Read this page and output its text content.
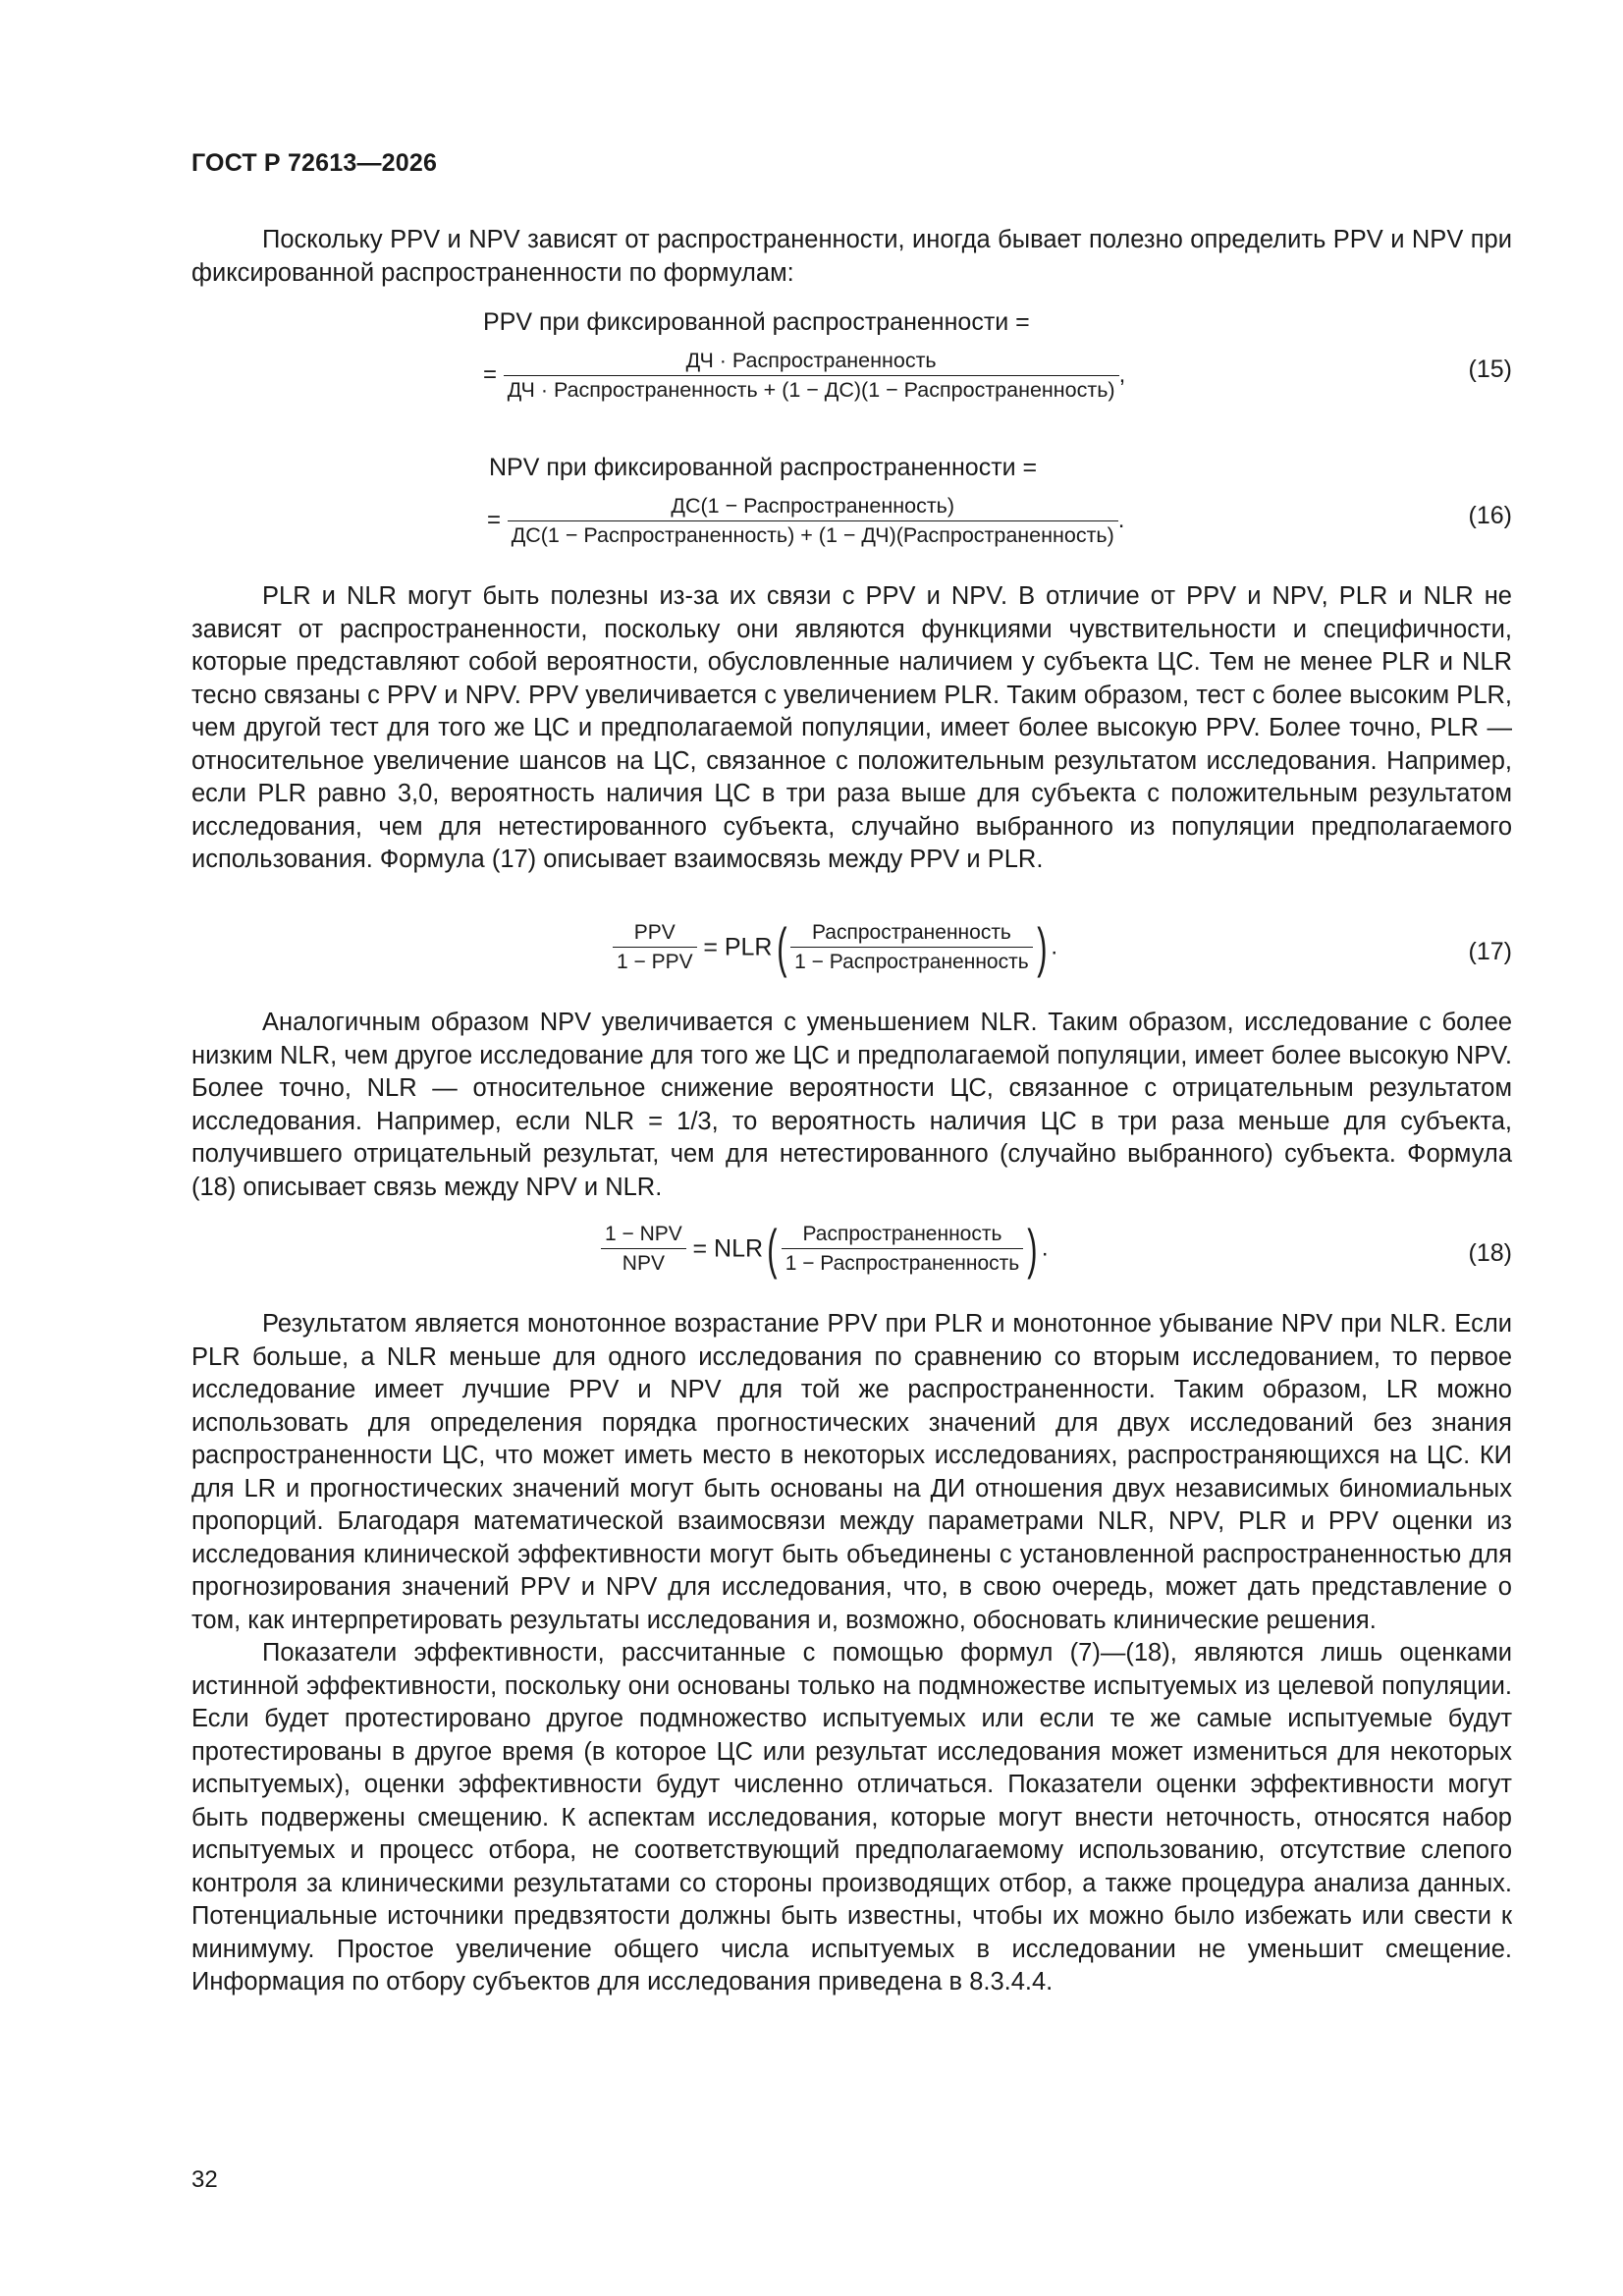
ГОСТ Р 72613—2026

Поскольку PPV и NPV зависят от распространенности, иногда бывает полезно определить PPV и NPV при фиксированной распространенности по формулам:

PPV при фиксированной распространенности =
= $\frac{\text{ДЧ · Распространенность}}{\text{ДЧ · Распространенность + (1 − ДС)(1 − Распространенность)}}$ ,	(15)
NPV при фиксированной распространенности =
= $\frac{\text{ДС(1 − Распространенность)}}{\text{ДС(1 − Распространенность) + (1 − ДЧ)(Распространенность)}}$ .	(16)

PLR и NLR могут быть полезны из-за их связи с PPV и NPV. В отличие от PPV и NPV, PLR и NLR не зависят от распространенности, поскольку они являются функциями чувствительности и специфичности, которые представляют собой вероятности, обусловленные наличием у субъекта ЦС. Тем не менее PLR и NLR тесно связаны с PPV и NPV. PPV увеличивается с увеличением PLR. Таким образом, тест с более высоким PLR, чем другой тест для того же ЦС и предполагаемой популяции, имеет более высокую PPV. Более точно, PLR — относительное увеличение шансов на ЦС, связанное с положительным результатом исследования. Например, если PLR равно 3,0, вероятность наличия ЦС в три раза выше для субъекта с положительным результатом исследования, чем для нетестированного субъекта, случайно выбранного из популяции предполагаемого использования. Формула (17) описывает взаимосвязь между PPV и PLR.

$\frac{\text{PPV}}{\text{1 − PPV}} = PLR( \frac{\text{Распространенность}}{\text{1 − Распространенность}}$ ) .	(17)

Аналогичным образом NPV увеличивается с уменьшением NLR. Таким образом, исследование с более низким NLR, чем другое исследование для того же ЦС и предполагаемой популяции, имеет более высокую NPV. Более точно, NLR — относительное снижение вероятности ЦС, связанное с отрицательным результатом исследования. Например, если NLR = 1/3, то вероятность наличия ЦС в три раза меньше для субъекта, получившего отрицательный результат, чем для нетестированного (случайно выбранного) субъекта. Формула (18) описывает связь между NPV и NLR.

$\frac{\text{1 − NPV}}{\text{NPV}} = NLR( \frac{\text{Распространенность}}{\text{1 − Распространенность}}$ ) .	(18)

Результатом является монотонное возрастание PPV при PLR и монотонное убывание NPV при NLR. Если PLR больше, а NLR меньше для одного исследования по сравнению со вторым исследованием, то первое исследование имеет лучшие PPV и NPV для той же распространенности. Таким образом, LR можно использовать для определения порядка прогностических значений для двух исследований без знания распространенности ЦС, что может иметь место в некоторых исследованиях, распространяющихся на ЦС. КИ для LR и прогностических значений могут быть основаны на ДИ отношения двух независимых биномиальных пропорций. Благодаря математической взаимосвязи между параметрами NLR, NPV, PLR и PPV оценки из исследования клинической эффективности могут быть объединены с установленной распространенностью для прогнозирования значений PPV и NPV для исследования, что, в свою очередь, может дать представление о том, как интерпретировать результаты исследования и, возможно, обосновать клинические решения.

Показатели эффективности, рассчитанные с помощью формул (7)—(18), являются лишь оценками истинной эффективности, поскольку они основаны только на подмножестве испытуемых из целевой популяции. Если будет протестировано другое подмножество испытуемых или если те же самые испытуемые будут протестированы в другое время (в которое ЦС или результат исследования может измениться для некоторых испытуемых), оценки эффективности будут численно отличаться. Показатели оценки эффективности могут быть подвержены смещению. К аспектам исследования, которые могут внести неточность, относятся набор испытуемых и процесс отбора, не соответствующий предполагаемому использованию, отсутствие слепого контроля за клиническими результатами со стороны производящих отбор, а также процедура анализа данных. Потенциальные источники предвзятости должны быть известны, чтобы их можно было избежать или свести к минимуму. Простое увеличение общего числа испытуемых в исследовании не уменьшит смещение. Информация по отбору субъектов для исследования приведена в 8.3.4.4.

32
